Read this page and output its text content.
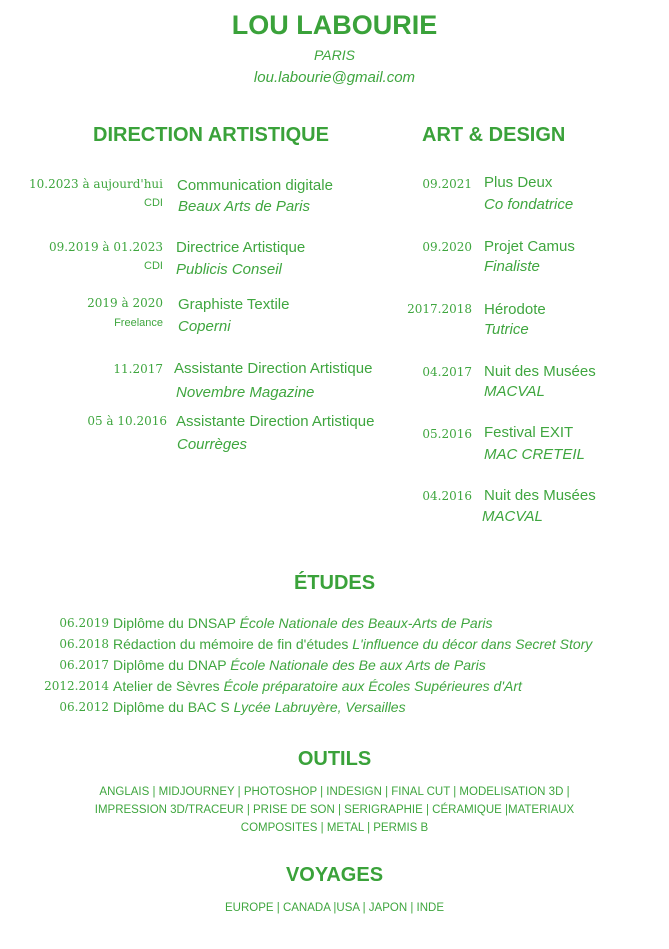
LOU LABOURIE
PARIS
lou.labourie@gmail.com
DIRECTION ARTISTIQUE
10.2023 à aujourd'hui
CDI
Communication digitale
Beaux Arts de Paris
09.2019 à 01.2023
CDI
Directrice Artistique
Publicis Conseil
2019 à 2020
Freelance
Graphiste Textile
Coperni
11.2017 Assistante Direction Artistique
Novembre Magazine
05 à 10.2016 Assistante Direction Artistique
Courrèges
ART & DESIGN
09.2021 Plus Deux
Co fondatrice
09.2020 Projet Camus
Finaliste
2017.2018 Hérodote
Tutrice
04.2017 Nuit des Musées
MACVAL
05.2016 Festival EXIT
MAC CRETEIL
04.2016 Nuit des Musées
MACVAL
ÉTUDES
06.2019 Diplôme du DNSAP École Nationale des Beaux-Arts de Paris
06.2018 Rédaction du mémoire de fin d'études L'influence du décor dans Secret Story
06.2017 Diplôme du DNAP École Nationale des Be aux Arts de Paris
2012.2014 Atelier de Sèvres École préparatoire aux Écoles Supérieures d'Art
06.2012 Diplôme du BAC S Lycée Labruyère, Versailles
OUTILS
ANGLAIS | MIDJOURNEY | PHOTOSHOP | INDESIGN | FINAL CUT | MODELISATION 3D |
IMPRESSION 3D/TRACEUR | PRISE DE SON | SERIGRAPHIE | CÉRAMIQUE |MATERIAUX
COMPOSITES | METAL | PERMIS B
VOYAGES
EUROPE | CANADA |USA | JAPON | INDE
